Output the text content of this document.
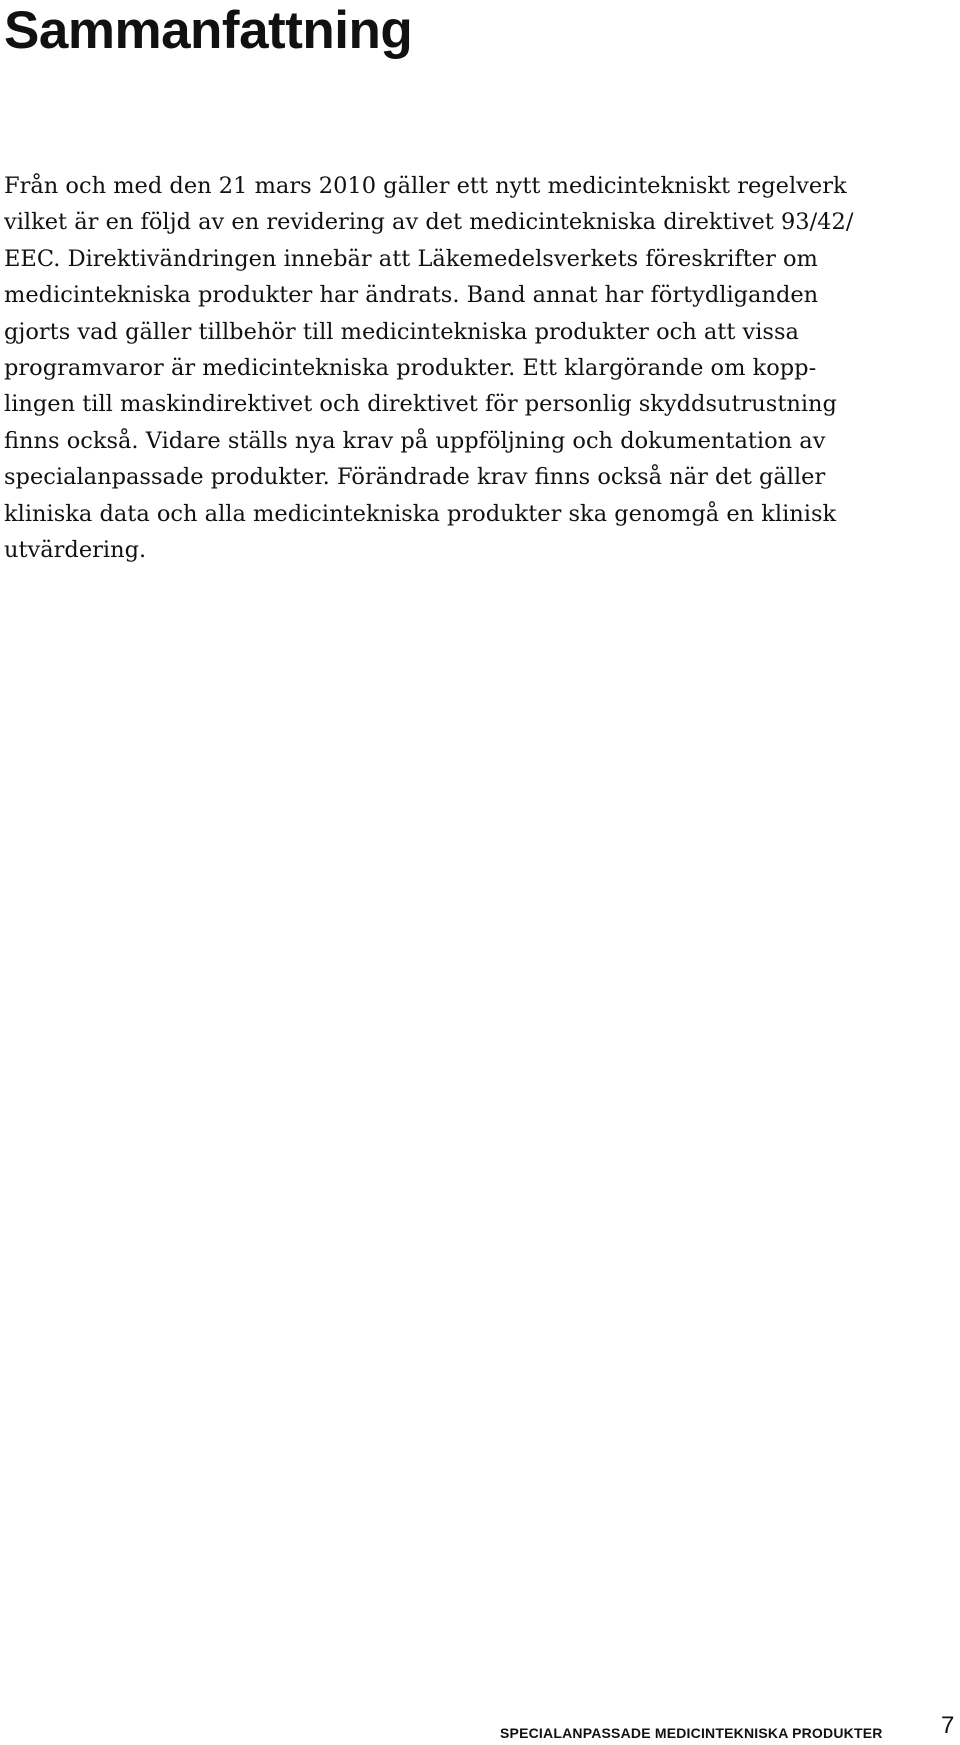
Sammanfattning
Från och med den 21 mars 2010 gäller ett nytt medicintekniskt regelverk
vilket är en följd av en revidering av det medicintekniska direktivet 93/42/
EEC. Direktivändringen innebär att Läkemedelsverkets föreskrifter om
medicintekniska produkter har ändrats. Band annat har förtydliganden
gjorts vad gäller tillbehör till medicintekniska produkter och att vissa
programvaror är medicintekniska produkter. Ett klargörande om kopp-
lingen till maskindirektivet och direktivet för personlig skyddsutrustning
finns också. Vidare ställs nya krav på uppföljning och dokumentation av
specialanpassade produkter. Förändrade krav finns också när det gäller
kliniska data och alla medicintekniska produkter ska genomgå en klinisk
utvärdering.
SPECIALANPASSADE MEDICINTEKNISKA PRODUKTER 7
